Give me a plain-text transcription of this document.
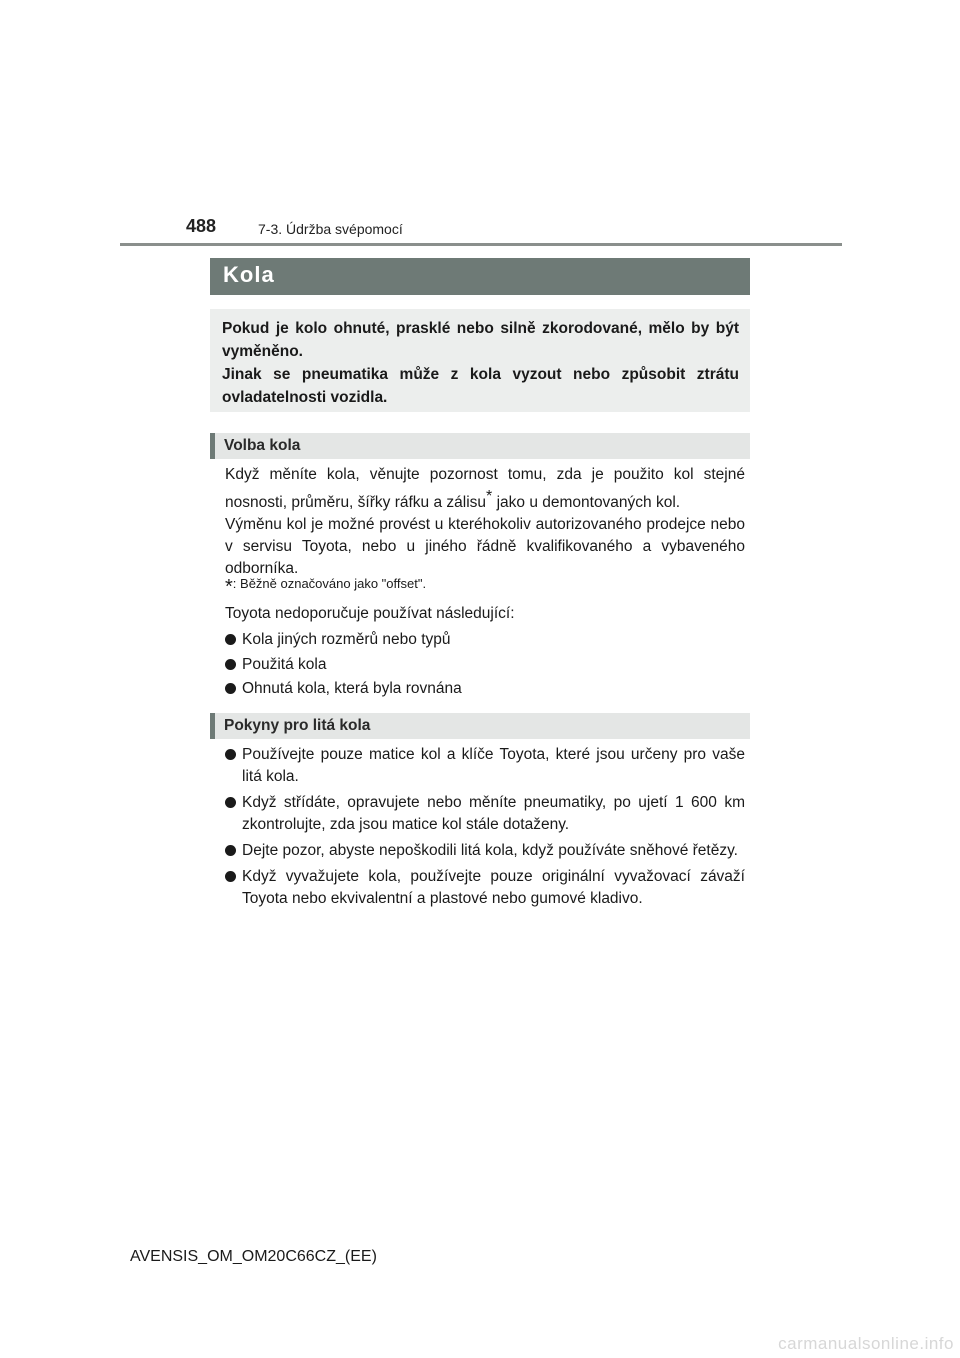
488	7-3. Údržba svépomocí
Kola

Pokud je kolo ohnuté, prasklé nebo silně zkorodované, mělo by být vyměněno.

Jinak se pneumatika může z kola vyzout nebo způsobit ztrátu ovladatelnosti vozidla.

Volba kola

Když měníte kola, věnujte pozornost tomu, zda je použito kol stejné nosnosti, průměru, šířky ráfku a zálisu* jako u demontovaných kol.

Výměnu kol je možné provést u kteréhokoliv autorizovaného prodejce nebo v servisu Toyota, nebo u jiného řádně kvalifikovaného a vybaveného odborníka.

*: Běžně označováno jako "offset".
Toyota nedoporučuje používat následující:
Kola jiných rozměrů nebo typů
Použitá kola
Ohnutá kola, která byla rovnána
Pokyny pro litá kola
Používejte pouze matice kol a klíče Toyota, které jsou určeny pro vaše litá kola.
Když střídáte, opravujete nebo měníte pneumatiky, po ujetí 1 600 km zkontrolujte, zda jsou matice kol stále dotaženy.
Dejte pozor, abyste nepoškodili litá kola, když používáte sněhové řetězy.
Když vyvažujete kola, používejte pouze originální vyvažovací závaží Toyota nebo ekvivalentní a plastové nebo gumové kladivo.
AVENSIS_OM_OM20C66CZ_(EE)
carmanualsonline.info
